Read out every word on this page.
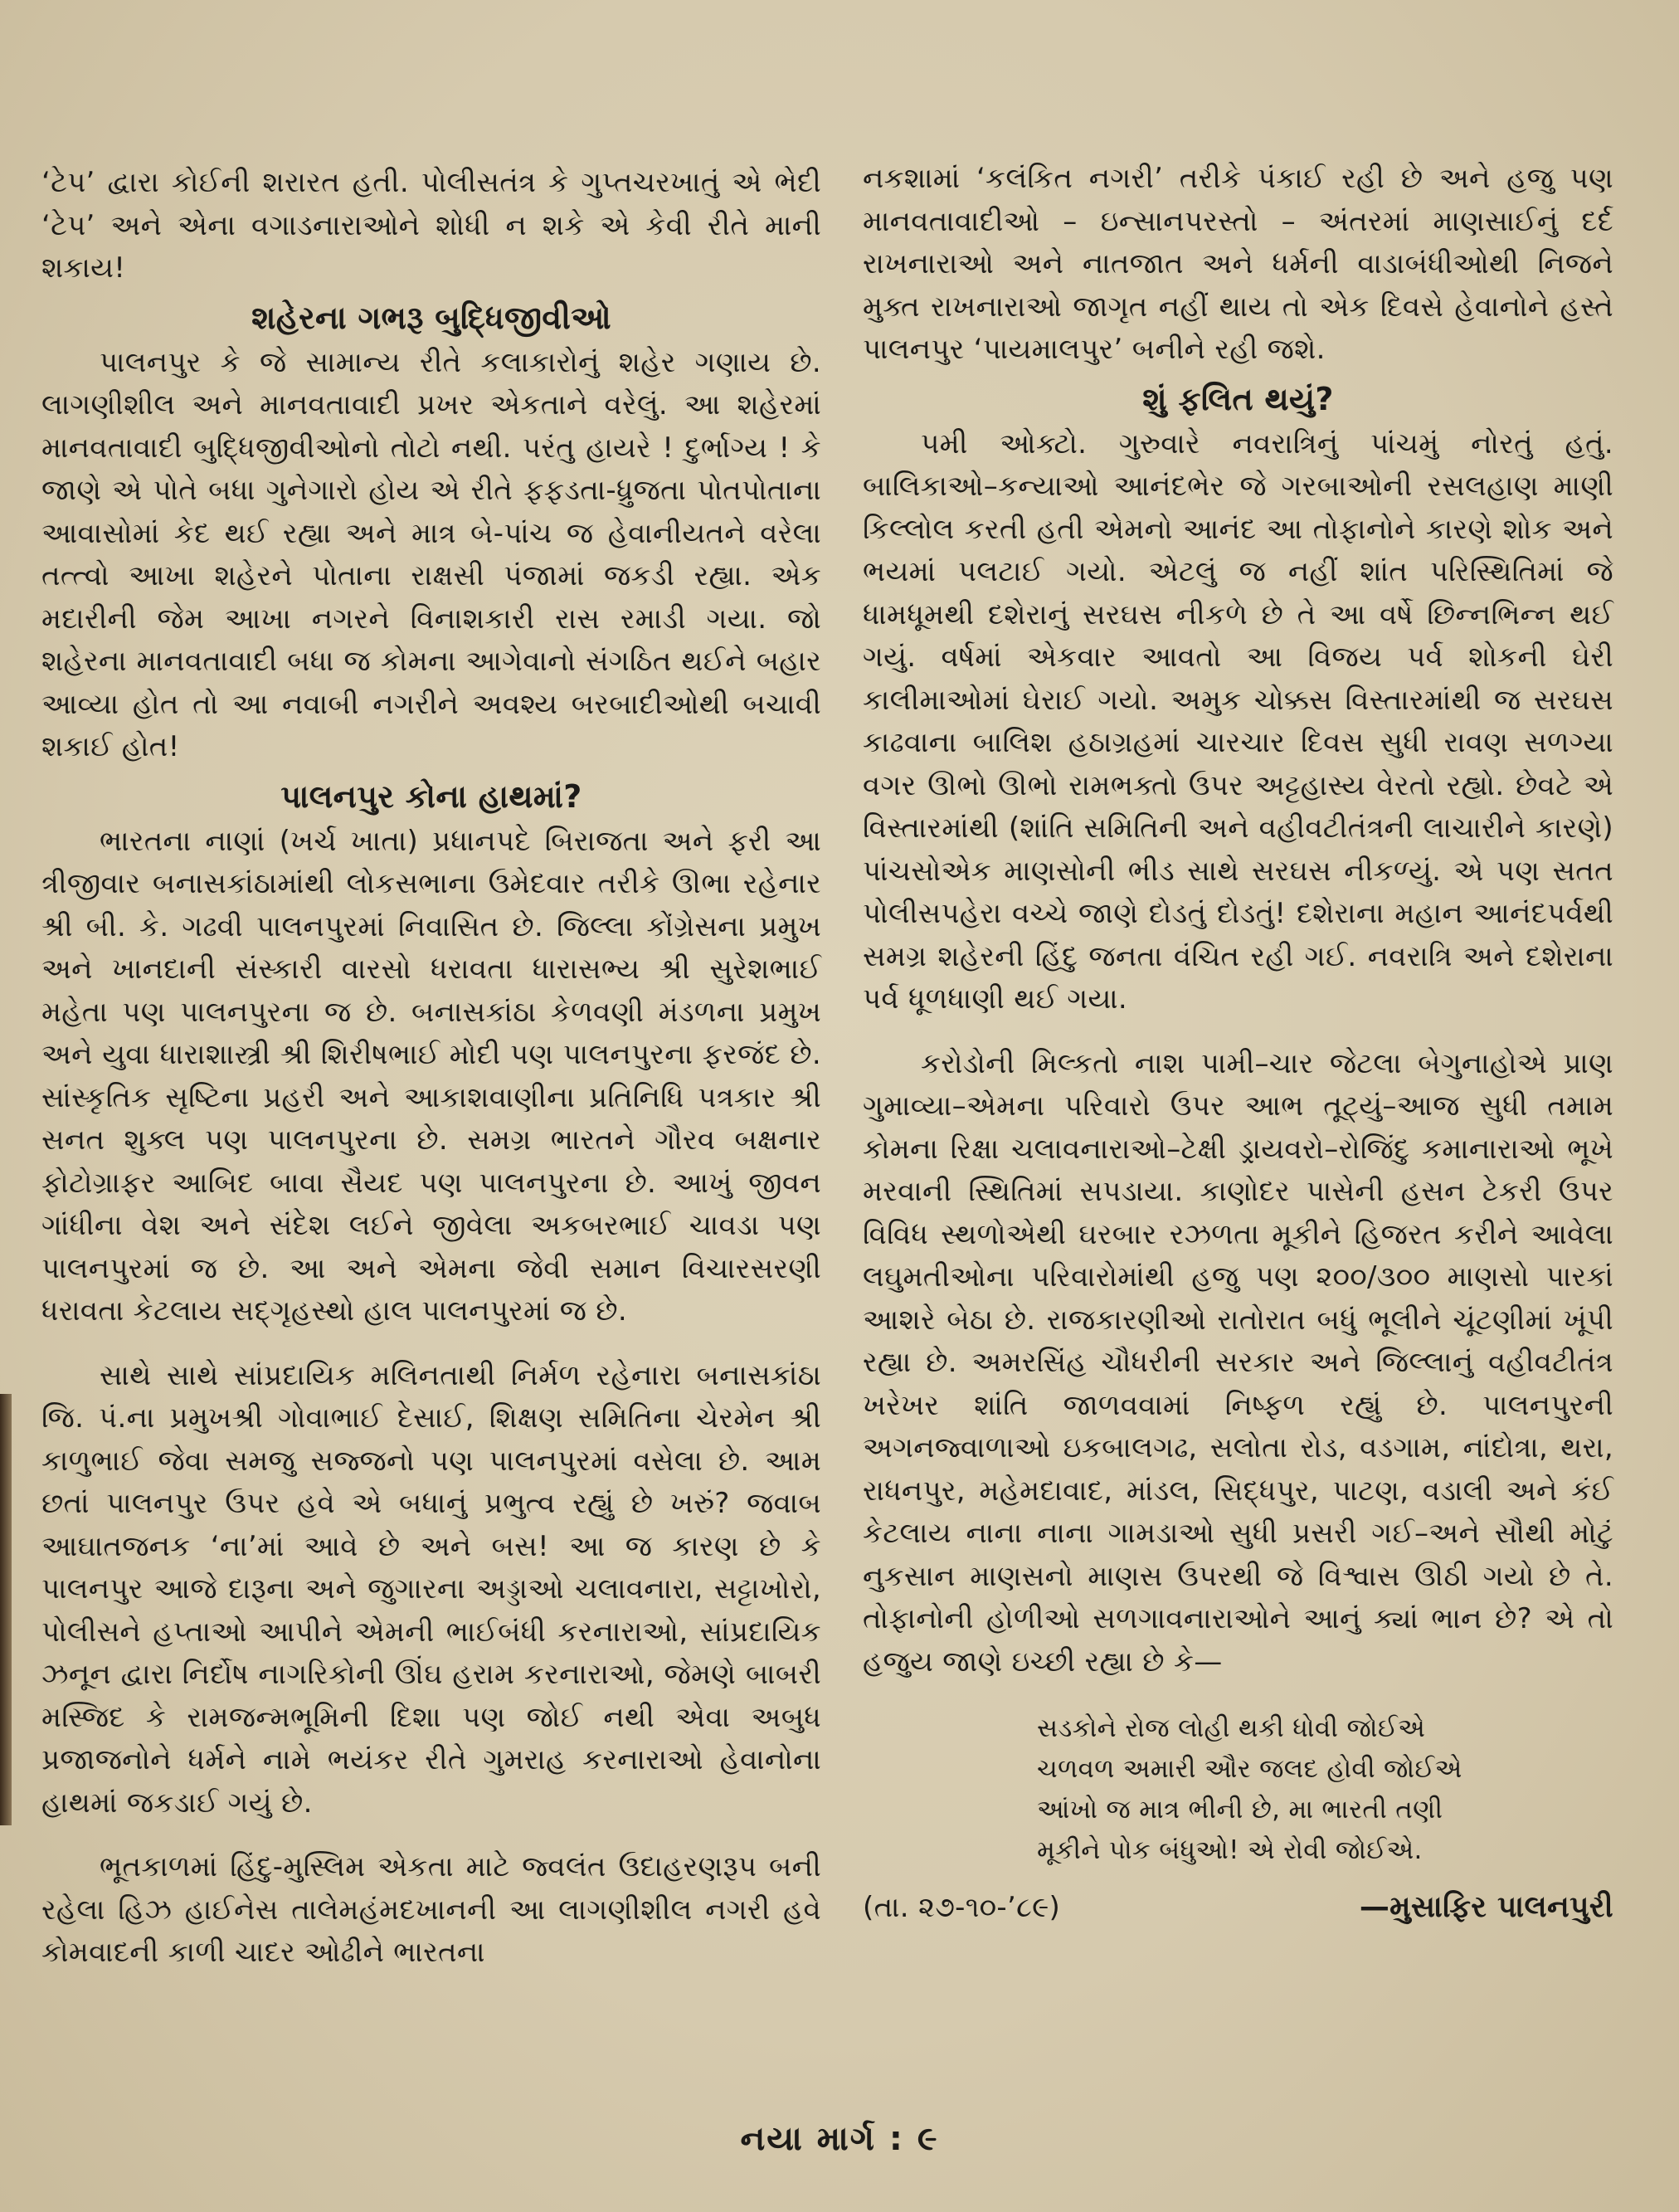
‘ટેપ’ દ્વારા કોઈની શરારત હતી. પોલીસતંત્ર કે ગુપ્તચરખાતું એ ભેદી ‘ટેપ’ અને એના વગાડનારાઓને શોધી ન શકે એ કેવી રીતે માની શકાય!

શહેરના ગભરૂ બુદ્ધિજીવીઓ

પાલનપુર કે જે સામાન્ય રીતે કલાકારોનું શહેર ગણાય છે. લાગણીશીલ અને માનવતાવાદી પ્રખર એકતાને વરેલું. આ શહેરમાં માનવતાવાદી બુદ્ધિજીવીઓનો તોટો નથી. પરંતુ હાયરે ! દુર્ભાગ્ય ! કે જાણે એ પોતે બધા ગુનેગારો હોય એ રીતે ફફડતા-ધ્રુજતા પોતપોતાના આવાસોમાં કેદ થઈ રહ્યા અને માત્ર બે-પાંચ જ હેવાનીયતને વરેલા તત્ત્વો આખા શહેરને પોતાના રાક્ષસી પંજામાં જકડી રહ્યા. એક મદારીની જેમ આખા નગરને વિનાશકારી રાસ રમાડી ગયા. જો શહેરના માનવતાવાદી બધા જ કોમના આગેવાનો સંગઠિત થઈને બહાર આવ્યા હોત તો આ નવાબી નગરીને અવશ્ય બરબાદીઓથી બચાવી શકાઈ હોત!

પાલનપુર કોના હાથમાં?

ભારતના નાણાં (ખર્ચ ખાતા) પ્રધાનપદે બિરાજતા અને ફરી આ ત્રીજીવાર બનાસકાંઠામાંથી લોકસભાના ઉમેદવાર તરીકે ઊભા રહેનાર શ્રી બી. કે. ગઢવી પાલનપુરમાં નિવાસિત છે. જિલ્લા કોંગ્રેસના પ્રમુખ અને ખાનદાની સંસ્કારી વારસો ધરાવતા ધારાસભ્ય શ્રી સુરેશભાઈ મહેતા પણ પાલનપુરના જ છે. બનાસકાંઠા કેળવણી મંડળના પ્રમુખ અને યુવા ધારાશાસ્ત્રી શ્રી શિરીષભાઈ મોદી પણ પાલનપુરના ફરજંદ છે. સાંસ્કૃતિક સૃષ્ટિના પ્રહરી અને આકાશવાણીના પ્રતિનિધિ પત્રકાર શ્રી સનત શુક્લ પણ પાલનપુરના છે. સમગ્ર ભારતને ગૌરવ બક્ષનાર ફોટોગ્રાફર આબિદ બાવા સૈયદ પણ પાલનપુરના છે. આખું જીવન ગાંધીના વેશ અને સંદેશ લઈને જીવેલા અકબરભાઈ ચાવડા પણ પાલનપુરમાં જ છે. આ અને એમના જેવી સમાન વિચારસરણી ધરાવતા કેટલાય સદ્‌ગૃહસ્થો હાલ પાલનપુરમાં જ છે.

સાથે સાથે સાંપ્રદાયિક મલિનતાથી નિર્મળ રહેનારા બનાસકાંઠા જિ. પં.ના પ્રમુખશ્રી ગોવાભાઈ દેસાઈ, શિક્ષણ સમિતિના ચેરમેન શ્રી કાળુભાઈ જેવા સમજુ સજ્જનો પણ પાલનપુરમાં વસેલા છે. આમ છતાં પાલનપુર ઉપર હવે એ બધાનું પ્રભુત્વ રહ્યું છે ખરું? જવાબ આઘાતજનક ‘ના’માં આવે છે અને બસ! આ જ કારણ છે કે પાલનપુર આજે દારૂના અને જુગારના અડ્ડાઓ ચલાવનારા, સટ્ટાખોરો, પોલીસને હપ્તાઓ આપીને એમની ભાઈબંધી કરનારાઓ, સાંપ્રદાયિક ઝનૂન દ્વારા નિર્દોષ નાગરિકોની ઊંઘ હરામ કરનારાઓ, જેમણે બાબરી મસ્જિદ કે રામજન્મભૂમિની દિશા પણ જોઈ નથી એવા અબુધ પ્રજાજનોને ધર્મને નામે ભયંકર રીતે ગુમરાહ કરનારાઓ હેવાનોના હાથમાં જકડાઈ ગયું છે.

ભૂતકાળમાં હિંદુ-મુસ્લિમ એકતા માટે જ્વલંત ઉદાહરણરૂપ બની રહેલા હિઝ હાઈનેસ તાલેમહંમદખાનની આ લાગણીશીલ નગરી હવે કોમવાદની કાળી ચાદર ઓઢીને ભારતના

નકશામાં ‘કલંકિત નગરી’ તરીકે પંકાઈ રહી છે અને હજુ પણ માનવતાવાદીઓ – ઇન્સાનપરસ્તો – અંતરમાં માણસાઈનું દર્દ રાખનારાઓ અને નાતજાત અને ધર્મની વાડાબંધીઓથી નિજને મુક્ત રાખનારાઓ જાગૃત નહીં થાય તો એક દિવસે હેવાનોને હસ્તે પાલનપુર ‘પાયમાલપુર’ બનીને રહી જશે.

શું ફલિત થયું?

૫મી ઓક્ટો. ગુરુવારે નવરાત્રિનું પાંચમું નોરતું હતું. બાલિકાઓ–કન્યાઓ આનંદભેર જે ગરબાઓની રસલહાણ માણી કિલ્લોલ કરતી હતી એમનો આનંદ આ તોફાનોને કારણે શોક અને ભયમાં પલટાઈ ગયો. એટલું જ નહીં શાંત પરિસ્થિતિમાં જે ધામધૂમથી દશેરાનું સરઘસ નીકળે છે તે આ વર્ષે છિન્નભિન્ન થઈ ગયું. વર્ષમાં એકવાર આવતો આ વિજય પર્વ શોકની ઘેરી કાલીમાઓમાં ઘેરાઈ ગયો. અમુક ચોક્કસ વિસ્તારમાંથી જ સરઘસ કાઢવાના બાલિશ હઠાગ્રહમાં ચારચાર દિવસ સુધી રાવણ સળગ્યા વગર ઊભો ઊભો રામભક્તો ઉપર અટ્ટહાસ્ય વેરતો રહ્યો. છેવટે એ વિસ્તારમાંથી (શાંતિ સમિતિની અને વહીવટીતંત્રની લાચારીને કારણે) પાંચસોએક માણસોની ભીડ સાથે સરઘસ નીકળ્યું. એ પણ સતત પોલીસપહેરા વચ્ચે જાણે દોડતું દોડતું! દશેરાના મહાન આનંદપર્વથી સમગ્ર શહેરની હિંદુ જનતા વંચિત રહી ગઈ. નવરાત્રિ અને દશેરાના પર્વ ધૂળધાણી થઈ ગયા.

કરોડોની મિલ્કતો નાશ પામી–ચાર જેટલા બેગુનાહોએ પ્રાણ ગુમાવ્યા–એમના પરિવારો ઉપર આભ તૂટ્યું–આજ સુધી તમામ કોમના રિક્ષા ચલાવનારાઓ–ટેક્ષી ડ્રાયવરો–રોજિંદુ કમાનારાઓ ભૂખે મરવાની સ્થિતિમાં સપડાયા. કાણોદર પાસેની હસન ટેકરી ઉપર વિવિધ સ્થળોએથી ઘરબાર રઝળતા મૂકીને હિજરત કરીને આવેલા લઘુમતીઓના પરિવારોમાંથી હજુ પણ ૨૦૦/૩૦૦ માણસો પારકાં આશરે બેઠા છે. રાજકારણીઓ રાતોરાત બધું ભૂલીને ચૂંટણીમાં ખૂંપી રહ્યા છે. અમરસિંહ ચૌધરીની સરકાર અને જિલ્લાનું વહીવટીતંત્ર ખરેખર શાંતિ જાળવવામાં નિષ્ફળ રહ્યું છે. પાલનપુરની અગનજ્વાળાઓ ઇકબાલગઢ, સલોતા રોડ, વડગામ, નાંદોત્રા, થરા, રાધનપુર, મહેમદાવાદ, માંડલ, સિદ્ધપુર, પાટણ, વડાલી અને કંઈ કેટલાય નાના નાના ગામડાઓ સુધી પ્રસરી ગઈ–અને સૌથી મોટું નુકસાન માણસનો માણસ ઉપરથી જે વિશ્વાસ ઊઠી ગયો છે તે. તોફાનોની હોળીઓ સળગાવનારાઓને આનું ક્યાં ભાન છે? એ તો હજુય જાણે ઇચ્છી રહ્યા છે કે—

સડકોને રોજ લોહી થકી ધોવી જોઈએ
ચળવળ અમારી ઔર જલદ હોવી જોઈએ
આંખો જ માત્ર ભીની છે, મા ભારતી તણી
મૂકીને પોક બંધુઓ! એ રોવી જોઈએ.
(તા. ૨૭-૧૦-’૮૯)	—મુસાફિર પાલનપુરી
નયા માર્ગ : ૯
